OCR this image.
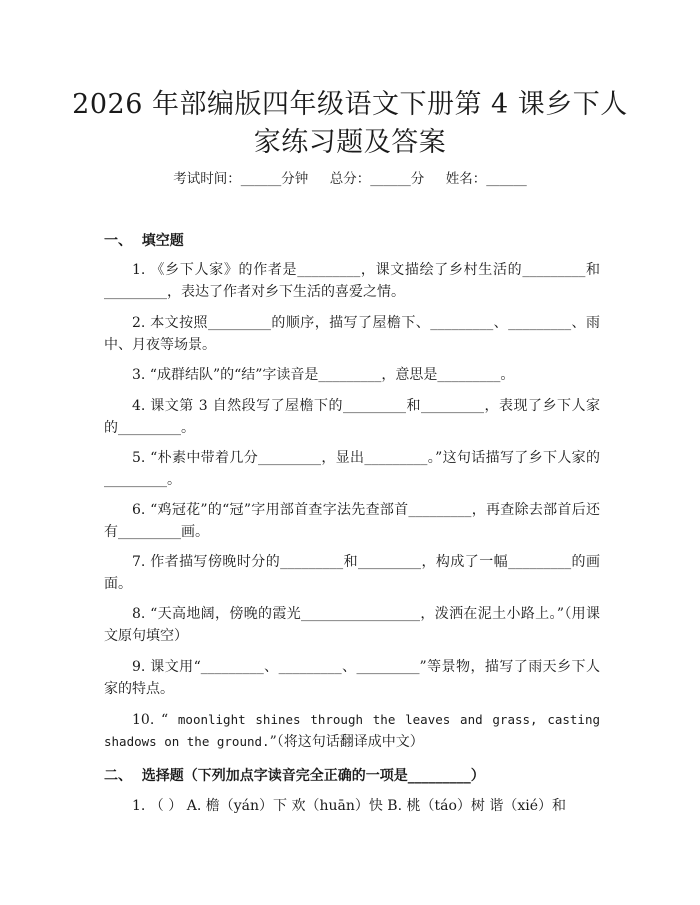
2026 年部编版四年级语文下册第 4 课乡下人
家练习题及答案
考试时间：______分钟     总分：______分     姓名：______
一、  填空题

1. 《乡下人家》的作者是_________，课文描绘了乡村生活的_________和_________，表达了作者对乡下生活的喜爱之情。

2. 本文按照_________的顺序，描写了屋檐下、_________、_________、雨中、月夜等场景。

3. “成群结队”的“结”字读音是_________，意思是_________。

4. 课文第 3 自然段写了屋檐下的_________和_________，表现了乡下人家的_________。

5. “朴素中带着几分_________，显出_________。”这句话描写了乡下人家的_________。

6. “鸡冠花”的“冠”字用部首查字法先查部首_________，再查除去部首后还有_________画。

7. 作者描写傍晚时分的_________和_________，构成了一幅_________的画面。

8. “天高地阔，傍晚的霞光_________________，泼洒在泥土小路上。”（用课文原句填空）

9. 课文用“_________、_________、_________”等景物，描写了雨天乡下人家的特点。

10. “ moonlight shines through the leaves and grass, casting shadows on the ground.”（将这句话翻译成中文）

二、  选择题（下列加点字读音完全正确的一项是_________）

1. （ ） A. 檐（yán）下 欢（huān）快 B. 桃（táo）树 谐（xié）和
